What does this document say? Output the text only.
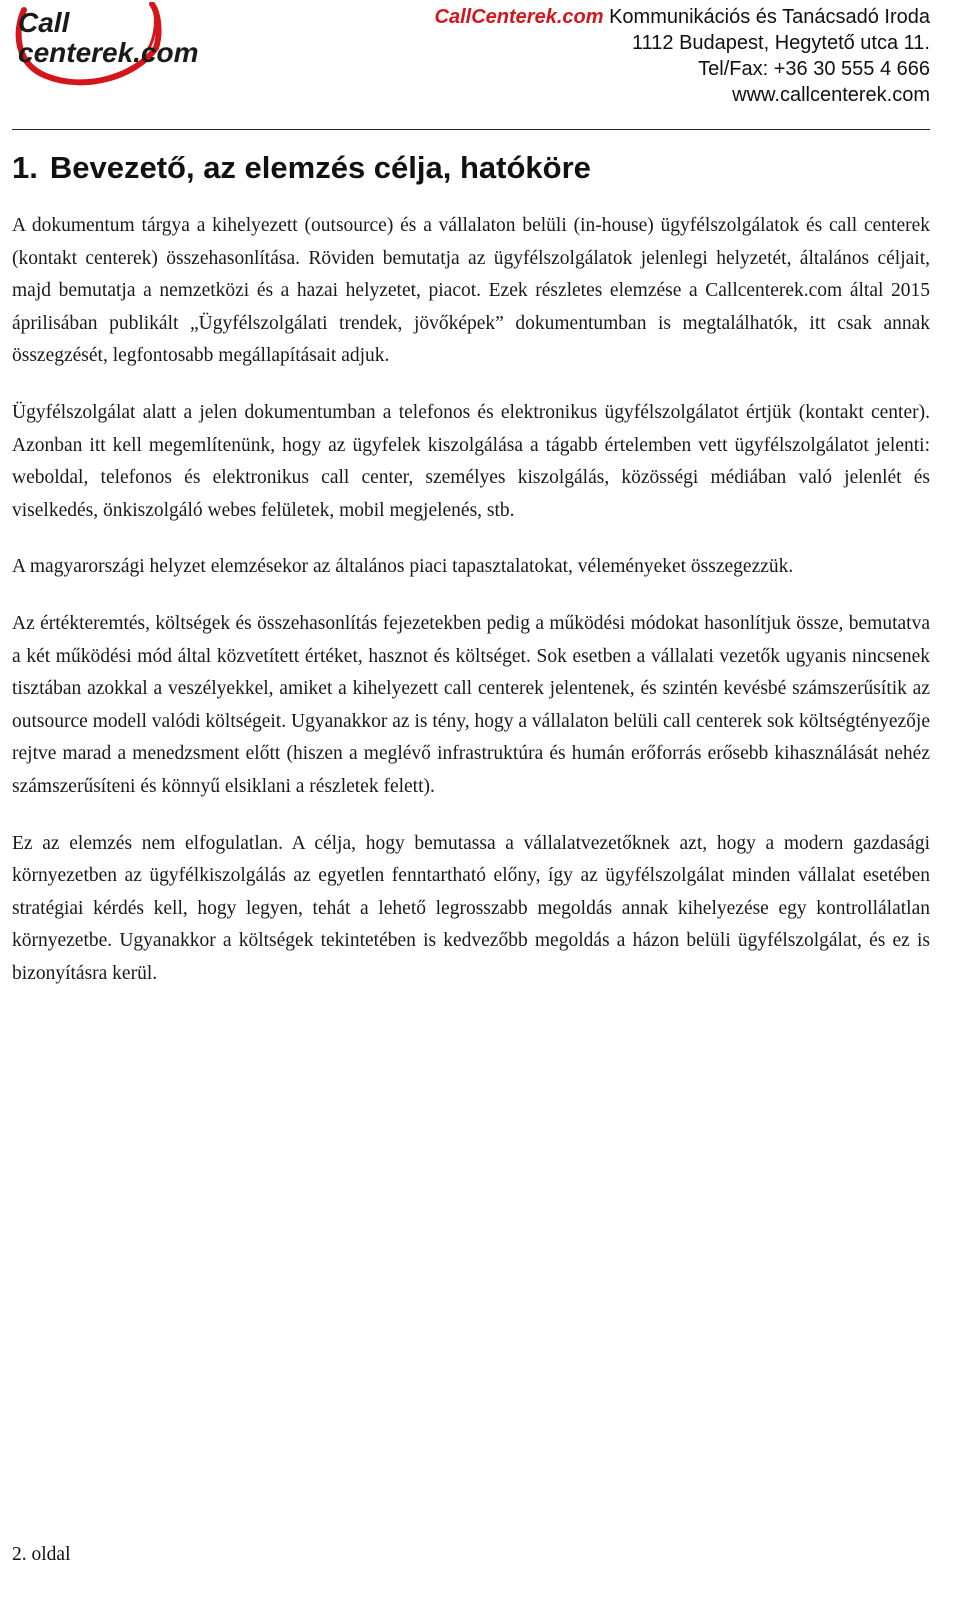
Call
centerek.com
CallCenterek.com Kommunikációs és Tanácsadó Iroda
1112 Budapest, Hegytető utca 11.
Tel/Fax: +36 30 555 4 666
www.callcenterek.com
1. Bevezető, az elemzés célja, hatóköre

A dokumentum tárgya a kihelyezett (outsource) és a vállalaton belüli (in-house) ügyfélszolgálatok és call centerek (kontakt centerek) összehasonlítása. Röviden bemutatja az ügyfélszolgálatok jelenlegi helyzetét, általános céljait, majd bemutatja a nemzetközi és a hazai helyzetet, piacot. Ezek részletes elemzése a Callcenterek.com által 2015 áprilisában publikált „Ügyfélszolgálati trendek, jövőképek” dokumentumban is megtalálhatók, itt csak annak összegzését, legfontosabb megállapításait adjuk.

Ügyfélszolgálat alatt a jelen dokumentumban a telefonos és elektronikus ügyfélszolgálatot értjük (kontakt center). Azonban itt kell megemlítenünk, hogy az ügyfelek kiszolgálása a tágabb értelemben vett ügyfélszolgálatot jelenti: weboldal, telefonos és elektronikus call center, személyes kiszolgálás, közösségi médiában való jelenlét és viselkedés, önkiszolgáló webes felületek, mobil megjelenés, stb.

A magyarországi helyzet elemzésekor az általános piaci tapasztalatokat, véleményeket összegezzük.

Az értékteremtés, költségek és összehasonlítás fejezetekben pedig a működési módokat hasonlítjuk össze, bemutatva a két működési mód által közvetített értéket, hasznot és költséget. Sok esetben a vállalati vezetők ugyanis nincsenek tisztában azokkal a veszélyekkel, amiket a kihelyezett call centerek jelentenek, és szintén kevésbé számszerűsítik az outsource modell valódi költségeit. Ugyanakkor az is tény, hogy a vállalaton belüli call centerek sok költségtényezője rejtve marad a menedzsment előtt (hiszen a meglévő infrastruktúra és humán erőforrás erősebb kihasználását nehéz számszerűsíteni és könnyű elsiklani a részletek felett).

Ez az elemzés nem elfogulatlan. A célja, hogy bemutassa a vállalatvezetőknek azt, hogy a modern gazdasági környezetben az ügyfélkiszolgálás az egyetlen fenntartható előny, így az ügyfélszolgálat minden vállalat esetében stratégiai kérdés kell, hogy legyen, tehát a lehető legrosszabb megoldás annak kihelyezése egy kontrollálatlan környezetbe. Ugyanakkor a költségek tekintetében is kedvezőbb megoldás a házon belüli ügyfélszolgálat, és ez is bizonyításra kerül.

2. oldal
